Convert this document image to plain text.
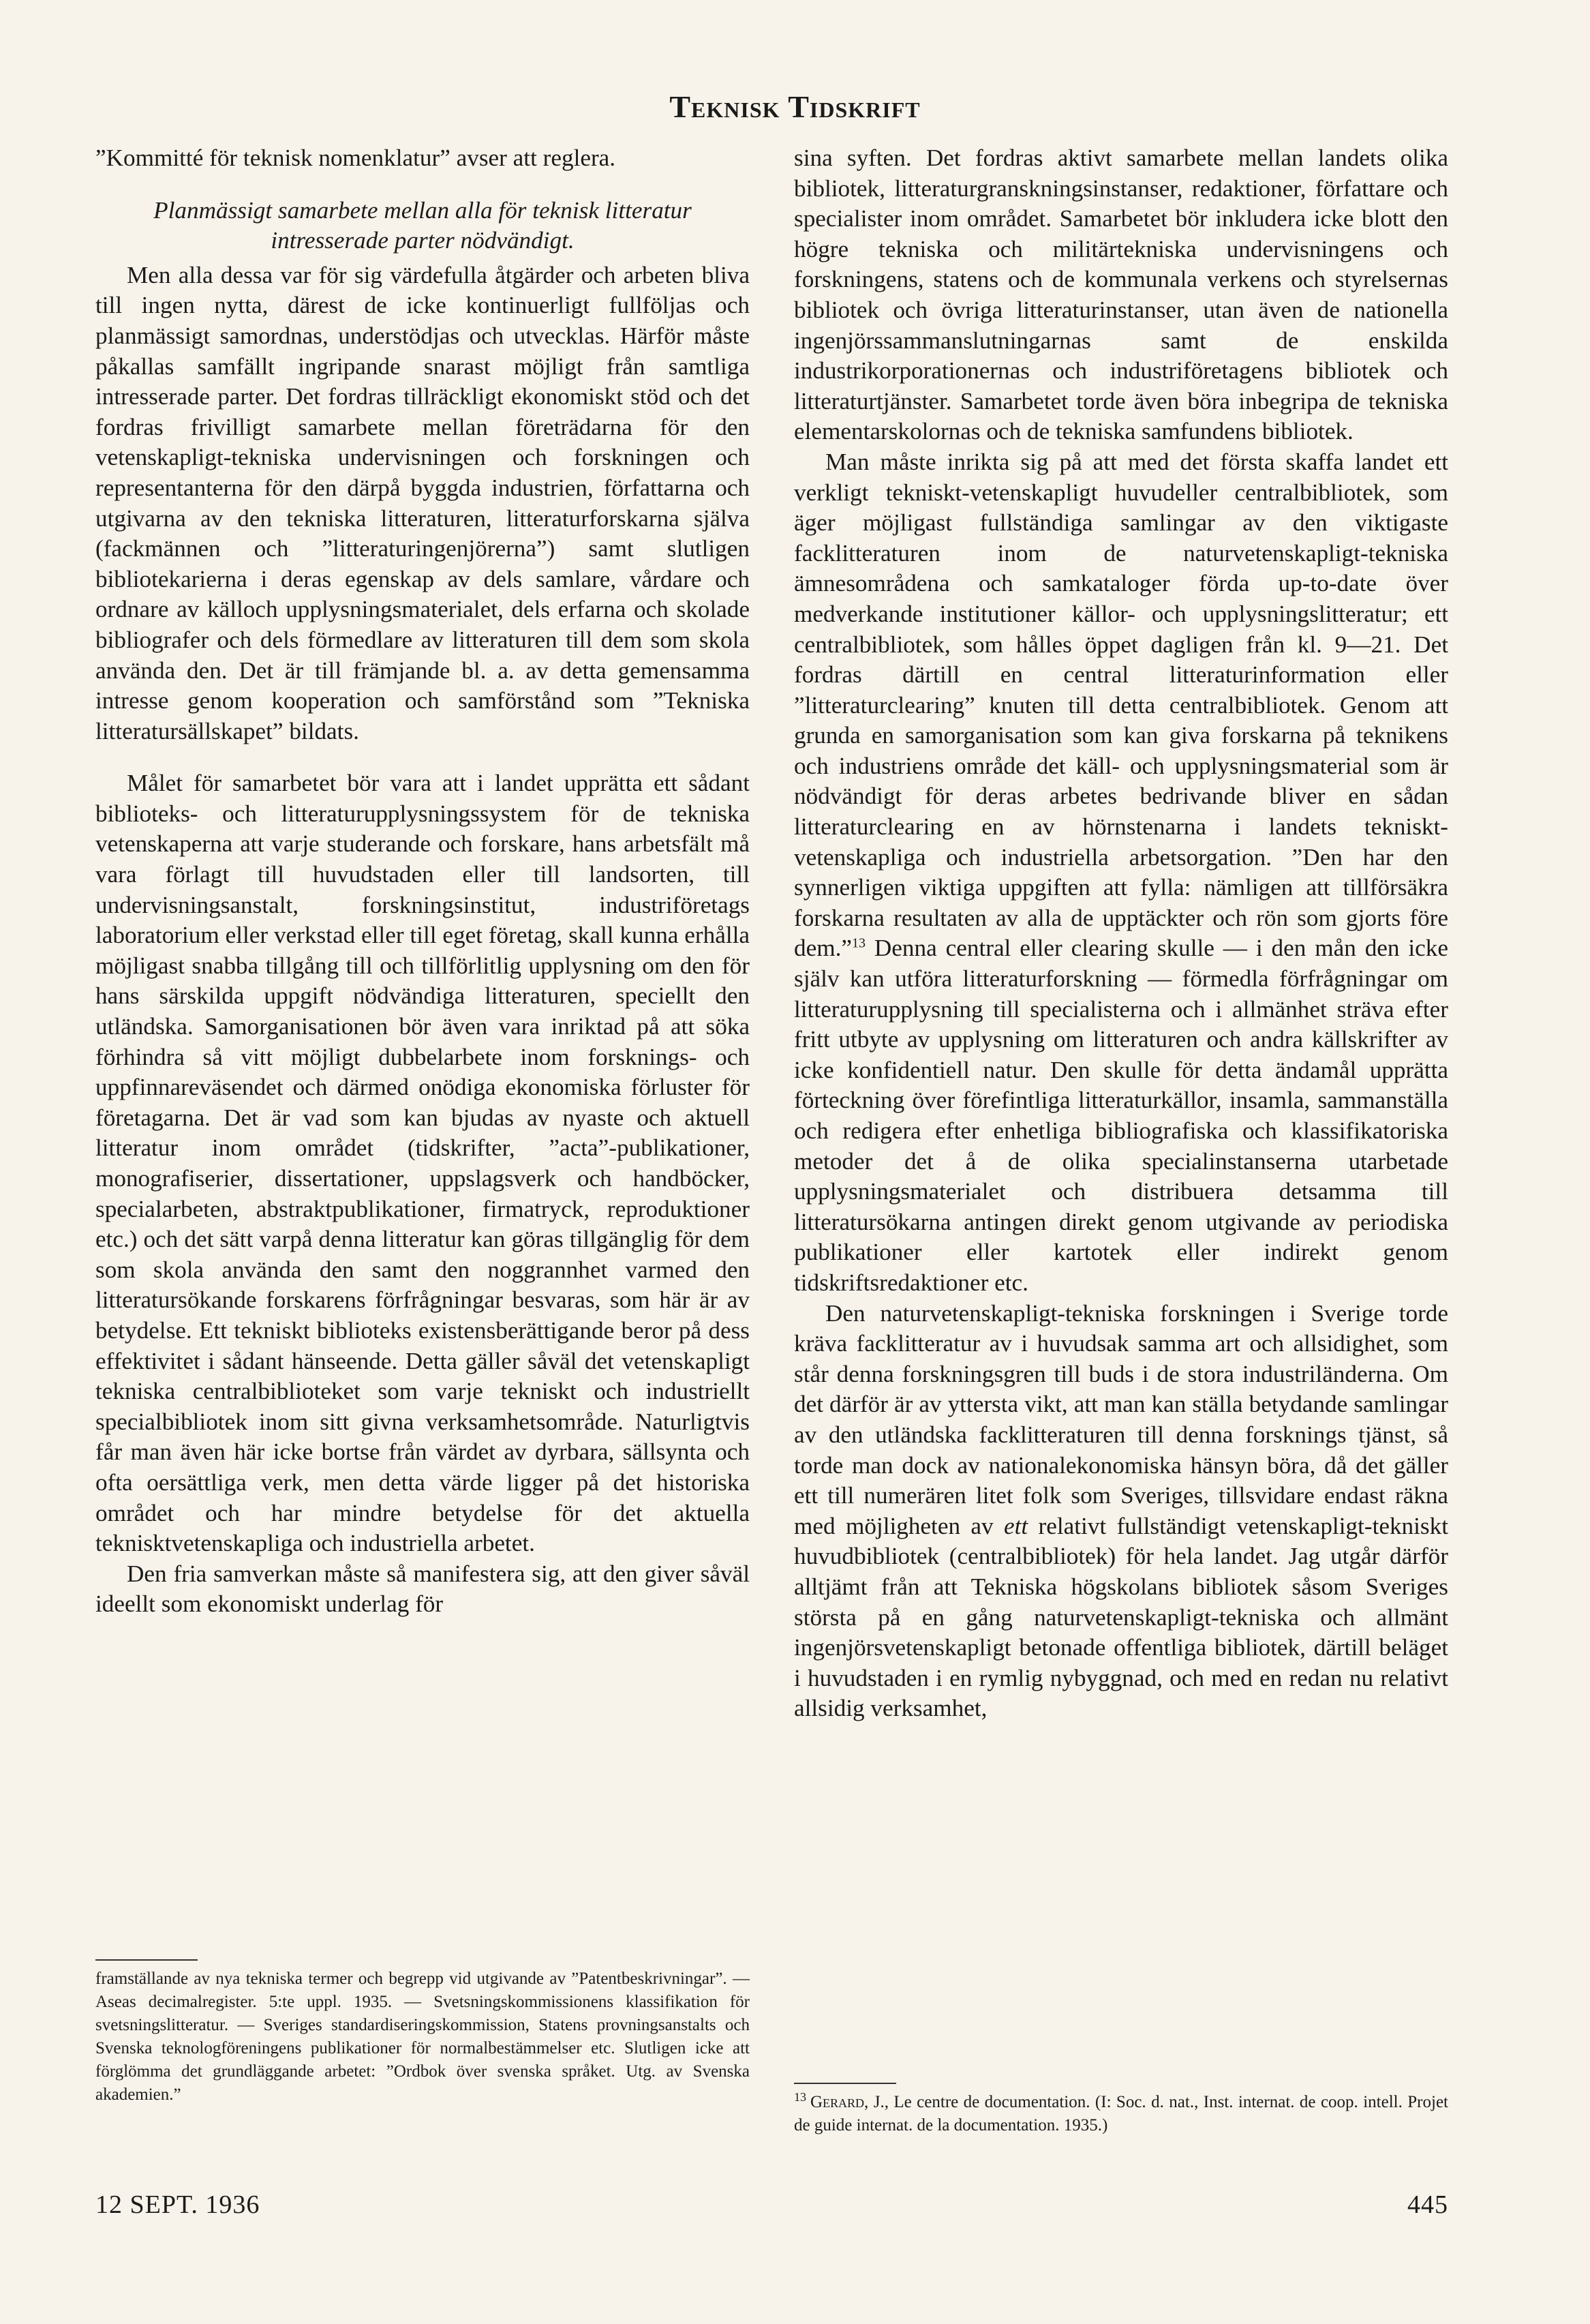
Teknisk Tidskrift

”Kommitté för teknisk nomenklatur” avser att reglera.

Planmässigt samarbete mellan alla för teknisk litteratur intresserade parter nödvändigt.

Men alla dessa var för sig värdefulla åtgärder och arbeten bliva till ingen nytta, därest de icke kontinuerligt fullföljas och planmässigt samordnas, understödjas och utvecklas. Härför måste påkallas samfällt ingripande snarast möjligt från samtliga intresserade parter. Det fordras tillräckligt ekonomiskt stöd och det fordras frivilligt samarbete mellan företrädarna för den vetenskapligt-tekniska undervisningen och forskningen och representanterna för den därpå byggda industrien, författarna och utgivarna av den tekniska litteraturen, litteraturforskarna själva (fackmännen och ”litteraturingenjörerna”) samt slutligen bibliotekarierna i deras egenskap av dels samlare, vårdare och ordnare av källoch upplysningsmaterialet, dels erfarna och skolade bibliografer och dels förmedlare av litteraturen till dem som skola använda den. Det är till främjande bl. a. av detta gemensamma intresse genom kooperation och samförstånd som ”Tekniska litteratursällskapet” bildats.

Målet för samarbetet bör vara att i landet upprätta ett sådant biblioteks- och litteraturupplysningssystem för de tekniska vetenskaperna att varje studerande och forskare, hans arbetsfält må vara förlagt till huvudstaden eller till landsorten, till undervisningsanstalt, forskningsinstitut, industriföretags laboratorium eller verkstad eller till eget företag, skall kunna erhålla möjligast snabba tillgång till och tillförlitlig upplysning om den för hans särskilda uppgift nödvändiga litteraturen, speciellt den utländska. Samorganisationen bör även vara inriktad på att söka förhindra så vitt möjligt dubbelarbete inom forsknings- och uppfinnareväsendet och därmed onödiga ekonomiska förluster för företagarna. Det är vad som kan bjudas av nyaste och aktuell litteratur inom området (tidskrifter, ”acta”-publikationer, monografiserier, dissertationer, uppslagsverk och handböcker, specialarbeten, abstraktpublikationer, firmatryck, reproduktioner etc.) och det sätt varpå denna litteratur kan göras tillgänglig för dem som skola använda den samt den noggrannhet varmed den litteratursökande forskarens förfrågningar besvaras, som här är av betydelse. Ett tekniskt biblioteks existensberättigande beror på dess effektivitet i sådant hänseende. Detta gäller såväl det vetenskapligt tekniska centralbiblioteket som varje tekniskt och industriellt specialbibliotek inom sitt givna verksamhetsområde. Naturligtvis får man även här icke bortse från värdet av dyrbara, sällsynta och ofta oersättliga verk, men detta värde ligger på det historiska området och har mindre betydelse för det aktuella teknisktvetenskapliga och industriella arbetet.

Den fria samverkan måste så manifestera sig, att den giver såväl ideellt som ekonomiskt underlag för

framställande av nya tekniska termer och begrepp vid utgivande av ”Patentbeskrivningar”. — Aseas decimalregister. 5:te uppl. 1935. — Svetsningskommissionens klassifikation för svetsningslitteratur. — Sveriges standardiseringskommission, Statens provningsanstalts och Svenska teknologföreningens publikationer för normalbestämmelser etc. Slutligen icke att förglömma det grundläggande arbetet: ”Ordbok över svenska språket. Utg. av Svenska akademien.”

sina syften. Det fordras aktivt samarbete mellan landets olika bibliotek, litteraturgranskningsinstanser, redaktioner, författare och specialister inom området. Samarbetet bör inkludera icke blott den högre tekniska och militärtekniska undervisningens och forskningens, statens och de kommunala verkens och styrelsernas bibliotek och övriga litteraturinstanser, utan även de nationella ingenjörssammanslutningarnas samt de enskilda industrikorporationernas och industriföretagens bibliotek och litteraturtjänster. Samarbetet torde även böra inbegripa de tekniska elementarskolornas och de tekniska samfundens bibliotek.

Man måste inrikta sig på att med det första skaffa landet ett verkligt tekniskt-vetenskapligt huvudeller centralbibliotek, som äger möjligast fullständiga samlingar av den viktigaste facklitteraturen inom de naturvetenskapligt-tekniska ämnesområdena och samkataloger förda up-to-date över medverkande institutioner källor- och upplysningslitteratur; ett centralbibliotek, som hålles öppet dagligen från kl. 9—21. Det fordras därtill en central litteraturinformation eller ”litteraturclearing” knuten till detta centralbibliotek. Genom att grunda en samorganisation som kan giva forskarna på teknikens och industriens område det käll- och upplysningsmaterial som är nödvändigt för deras arbetes bedrivande bliver en sådan litteraturclearing en av hörnstenarna i landets tekniskt-vetenskapliga och industriella arbetsorgation. ”Den har den synnerligen viktiga uppgiften att fylla: nämligen att tillförsäkra forskarna resultaten av alla de upptäckter och rön som gjorts före dem.”$^{13}$ Denna central eller clearing skulle — i den mån den icke själv kan utföra litteraturforskning — förmedla förfrågningar om litteraturupplysning till specialisterna och i allmänhet sträva efter fritt utbyte av upplysning om litteraturen och andra källskrifter av icke konfidentiell natur. Den skulle för detta ändamål upprätta förteckning över förefintliga litteraturkällor, insamla, sammanställa och redigera efter enhetliga bibliografiska och klassifikatoriska metoder det å de olika specialinstanserna utarbetade upplysningsmaterialet och distribuera detsamma till litteratursökarna antingen direkt genom utgivande av periodiska publikationer eller kartotek eller indirekt genom tidskriftsredaktioner etc.

Den naturvetenskapligt-tekniska forskningen i Sverige torde kräva facklitteratur av i huvudsak samma art och allsidighet, som står denna forskningsgren till buds i de stora industriländerna. Om det därför är av yttersta vikt, att man kan ställa betydande samlingar av den utländska facklitteraturen till denna forsknings tjänst, så torde man dock av nationalekonomiska hänsyn böra, då det gäller ett till numerären litet folk som Sveriges, tillsvidare endast räkna med möjligheten av ett relativt fullständigt vetenskapligt-tekniskt huvudbibliotek (centralbibliotek) för hela landet. Jag utgår därför alltjämt från att Tekniska högskolans bibliotek såsom Sveriges största på en gång naturvetenskapligt-tekniska och allmänt ingenjörsvetenskapligt betonade offentliga bibliotek, därtill beläget i huvudstaden i en rymlig nybyggnad, och med en redan nu relativt allsidig verksamhet,

$^{13}$ Gerard, J., Le centre de documentation. (I: Soc. d. nat., Inst. internat. de coop. intell. Projet de guide internat. de la documentation. 1935.)
12 SEPT. 1936	445
